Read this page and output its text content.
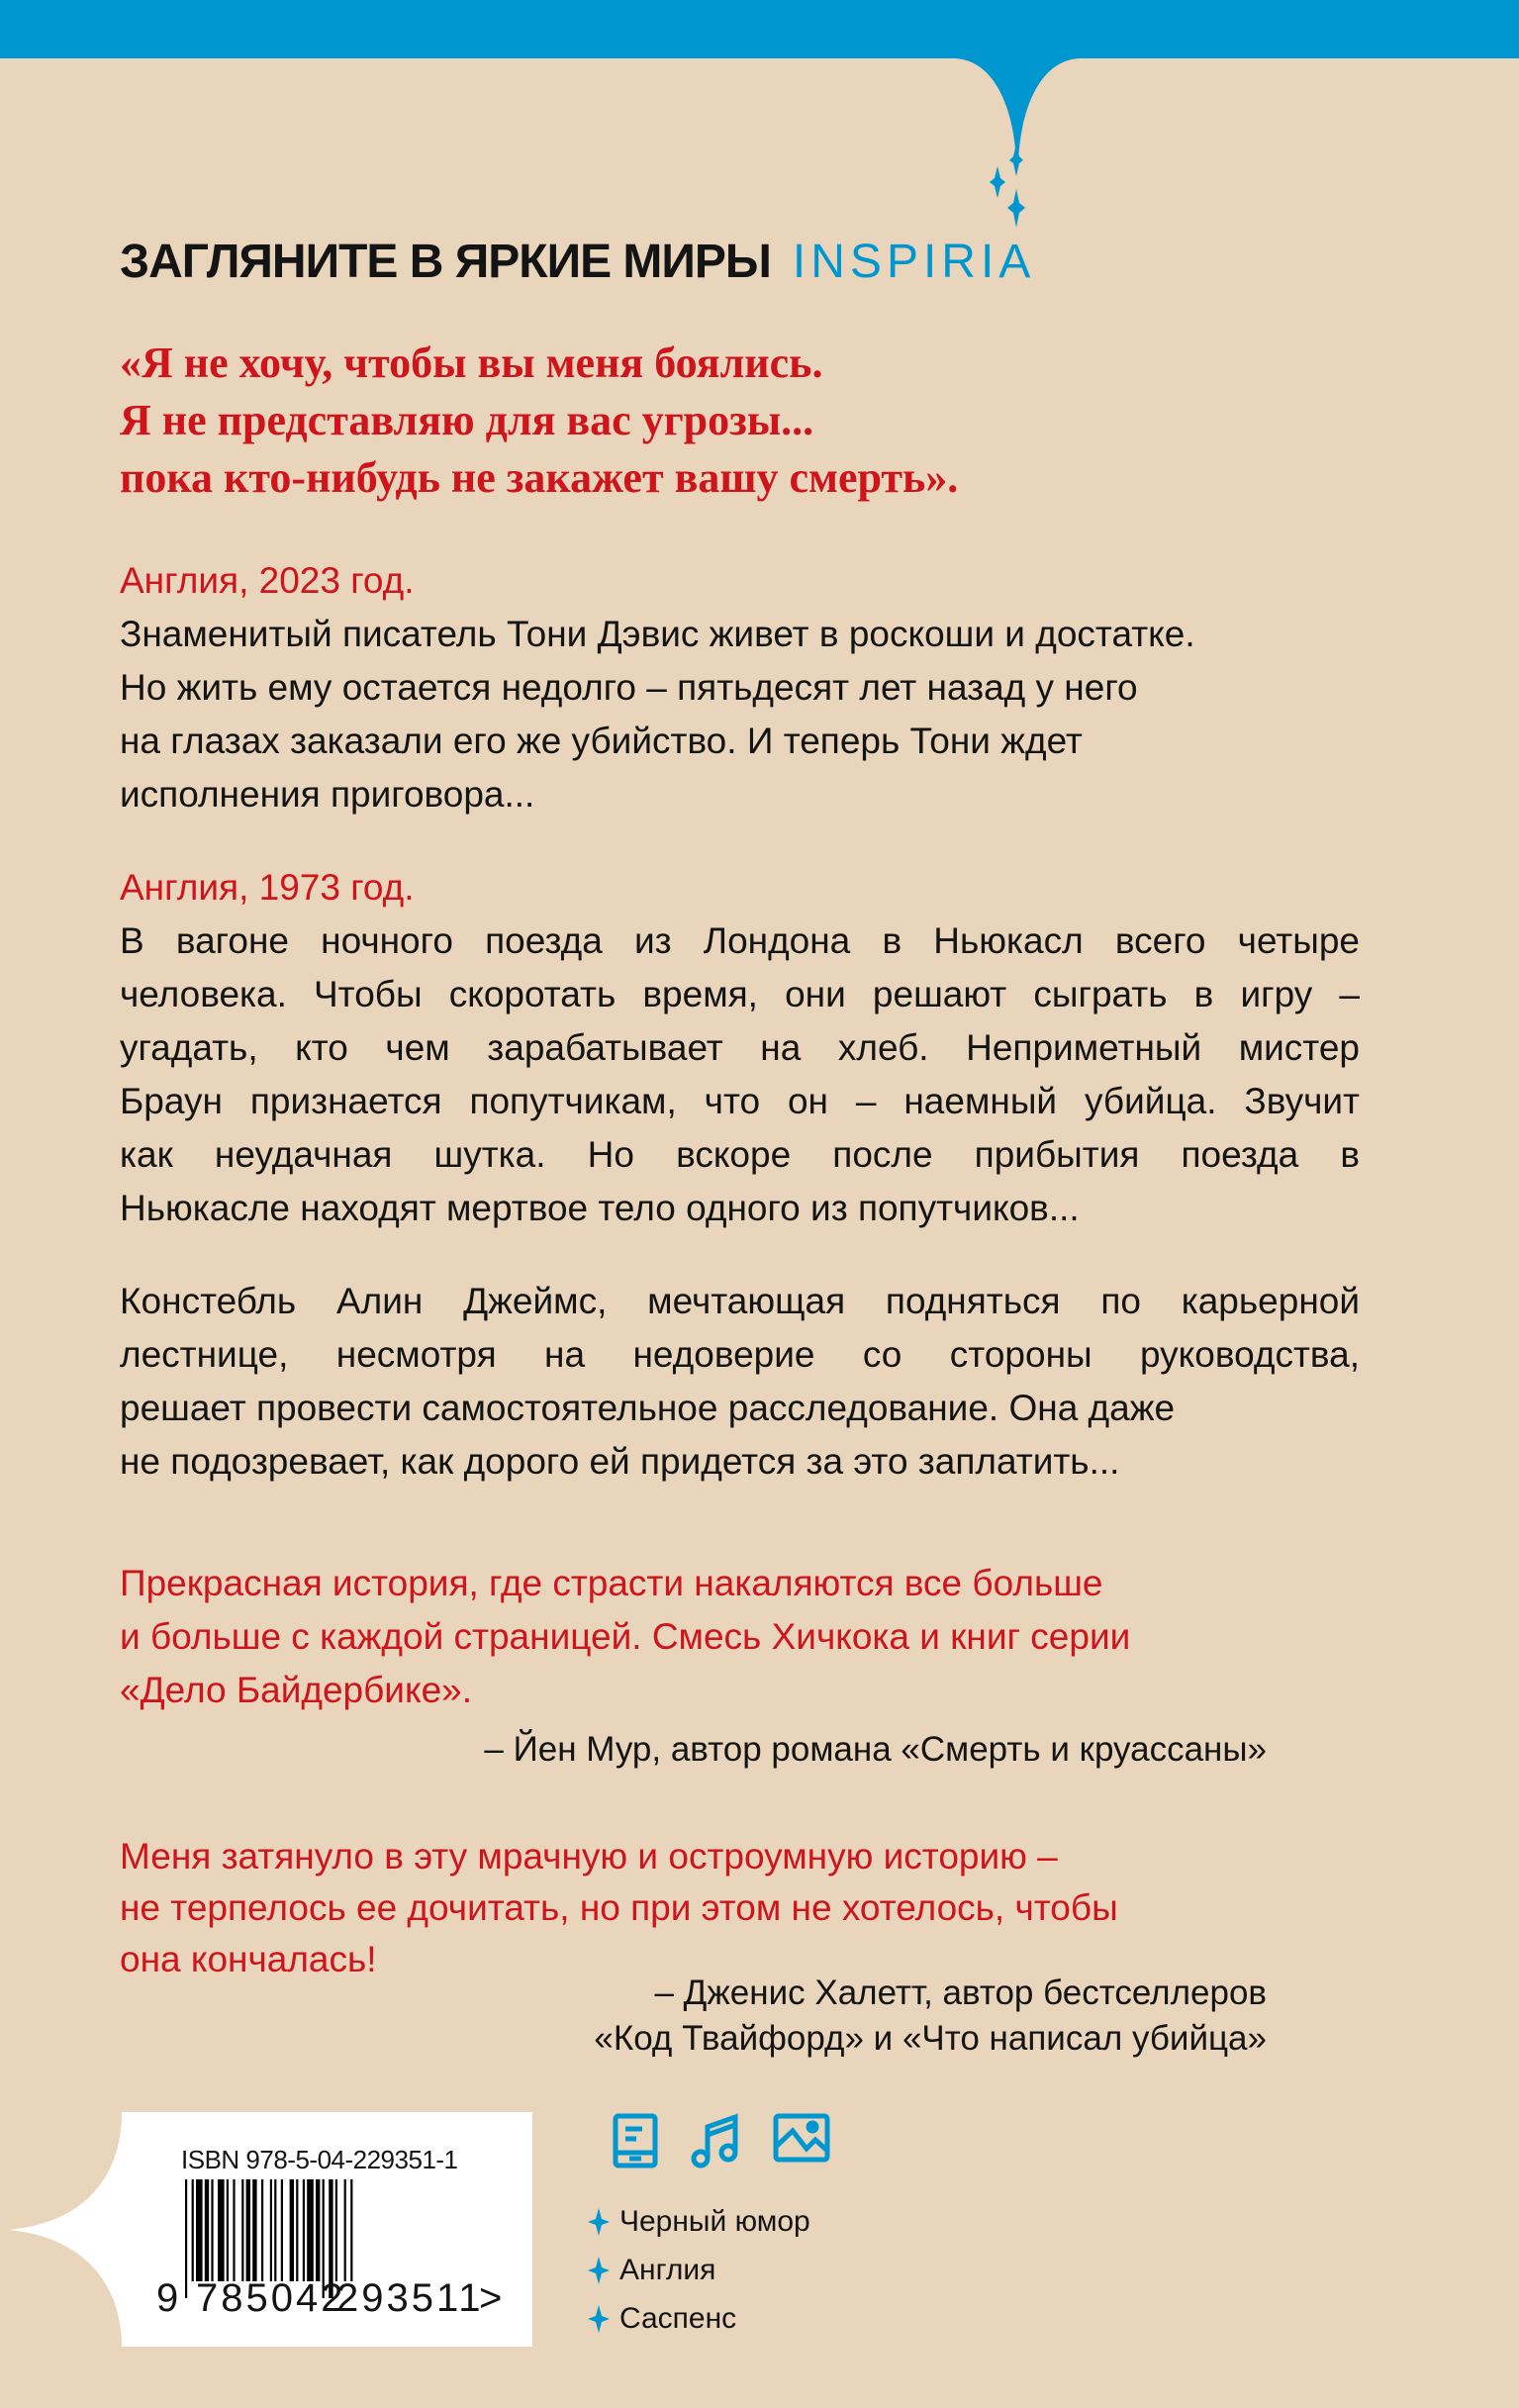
ЗАГЛЯНИТЕ В ЯРКИЕ МИРЫ INSPIRIA
«Я не хочу, чтобы вы меня боялись.
Я не представляю для вас угрозы...
пока кто-нибудь не закажет вашу смерть».
Англия, 2023 год.
Знаменитый писатель Тони Дэвис живет в роскоши и достатке.
Но жить ему остается недолго – пятьдесят лет назад у него
на глазах заказали его же убийство. И теперь Тони ждет
исполнения приговора...
Англия, 1973 год.
В вагоне ночного поезда из Лондона в Ньюкасл всего четыре
человека. Чтобы скоротать время, они решают сыграть в игру –
угадать, кто чем зарабатывает на хлеб. Неприметный мистер
Браун признается попутчикам, что он – наемный убийца. Звучит
как неудачная шутка. Но вскоре после прибытия поезда в
Ньюкасле находят мертвое тело одного из попутчиков...
Констебль Алин Джеймс, мечтающая подняться по карьерной
лестнице, несмотря на недоверие со стороны руководства,
решает провести самостоятельное расследование. Она даже
не подозревает, как дорого ей придется за это заплатить...
Прекрасная история, где страсти накаляются все больше
и больше с каждой страницей. Смесь Хичкока и книг серии
«Дело Байдербике».
– Йен Мур, автор романа «Смерть и круассаны»
Меня затянуло в эту мрачную и остроумную историю –
не терпелось ее дочитать, но при этом не хотелось, чтобы
она кончалась!
– Дженис Халетт, автор бестселлеров
«Код Твайфорд» и «Что написал убийца»
ISBN 978-5-04-229351-1
9 785042
293511
>
Черный юмор
Англия
Саспенс
